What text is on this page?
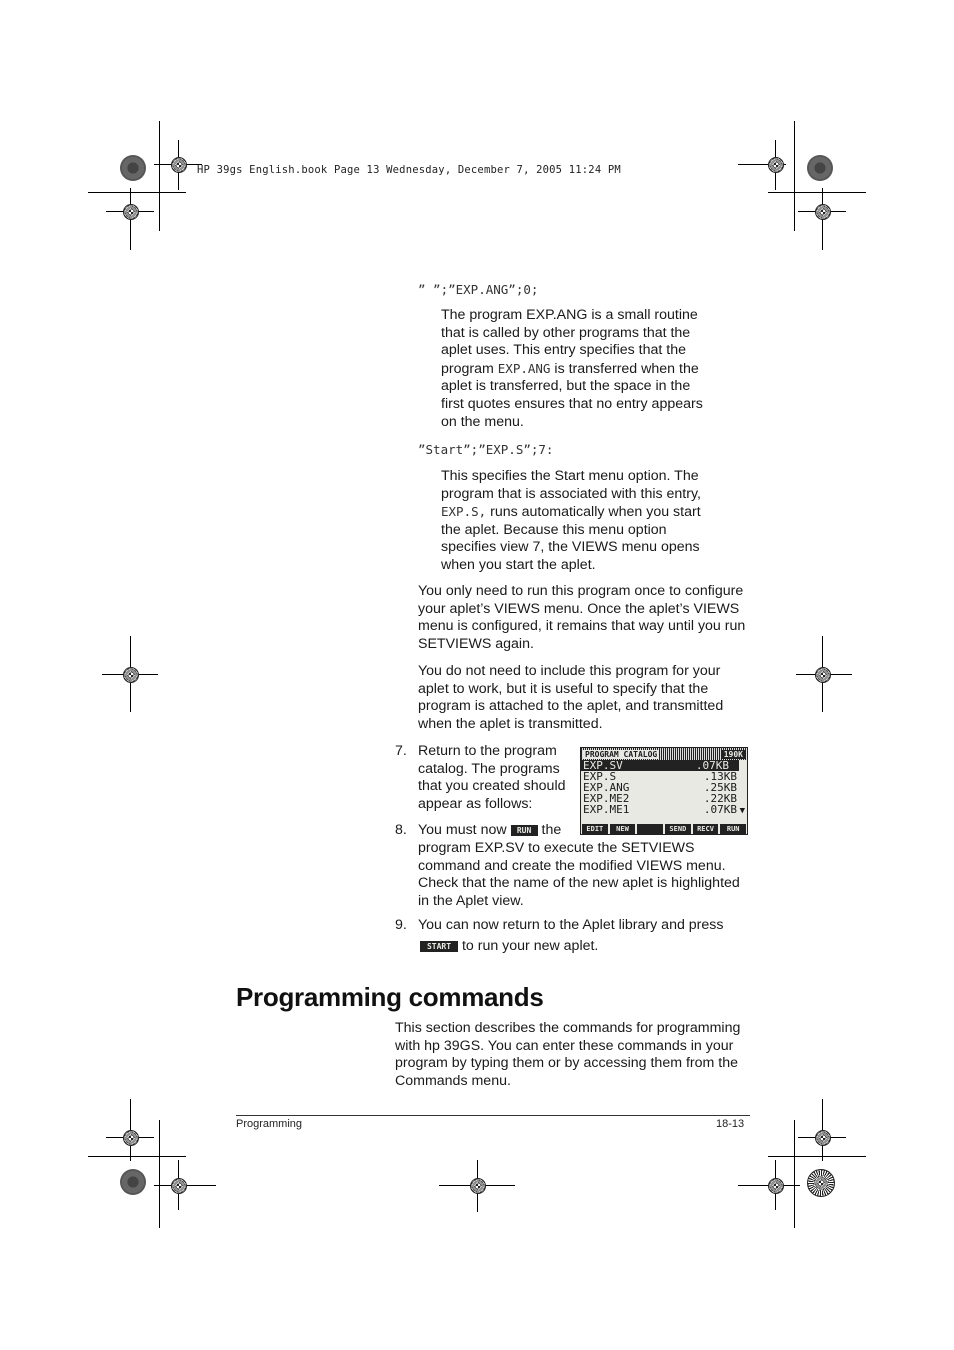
HP 39gs English.book Page 13 Wednesday, December 7, 2005 11:24 PM
” ”;”EXP.ANG”;0;
The program EXP.ANG is a small routine that is called by other programs that the aplet uses. This entry specifies that the program EXP.ANG is transferred when the aplet is transferred, but the space in the first quotes ensures that no entry appears on the menu.
”Start”;”EXP.S”;7:
This specifies the Start menu option. The program that is associated with this entry, EXP.S, runs automatically when you start the aplet. Because this menu option specifies view 7, the VIEWS menu opens when you start the aplet.
You only need to run this program once to configure your aplet’s VIEWS menu. Once the aplet’s VIEWS menu is configured, it remains that way until you run SETVIEWS again.
You do not need to include this program for your aplet to work, but it is useful to specify that the program is attached to the aplet, and transmitted when the aplet is transmitted.
7. Return to the program catalog. The programs that you created should appear as follows:
PROGRAM CATALOG	190K
EXP.SV	.07KB
EXP.S	.13KB
EXP.ANG	.25KB
EXP.ME2	.22KB
EXP.ME1	.07KB ▼
EDIT	NEW	SEND	RECV	RUN
8. You must now RUN the
program EXP.SV to execute the SETVIEWS command and create the modified VIEWS menu. Check that the name of the new aplet is highlighted in the Aplet view.
9. You can now return to the Aplet library and press
START to run your new aplet.
Programming commands
This section describes the commands for programming with hp 39GS. You can enter these commands in your program by typing them or by accessing them from the Commands menu.
Programming	18-13
